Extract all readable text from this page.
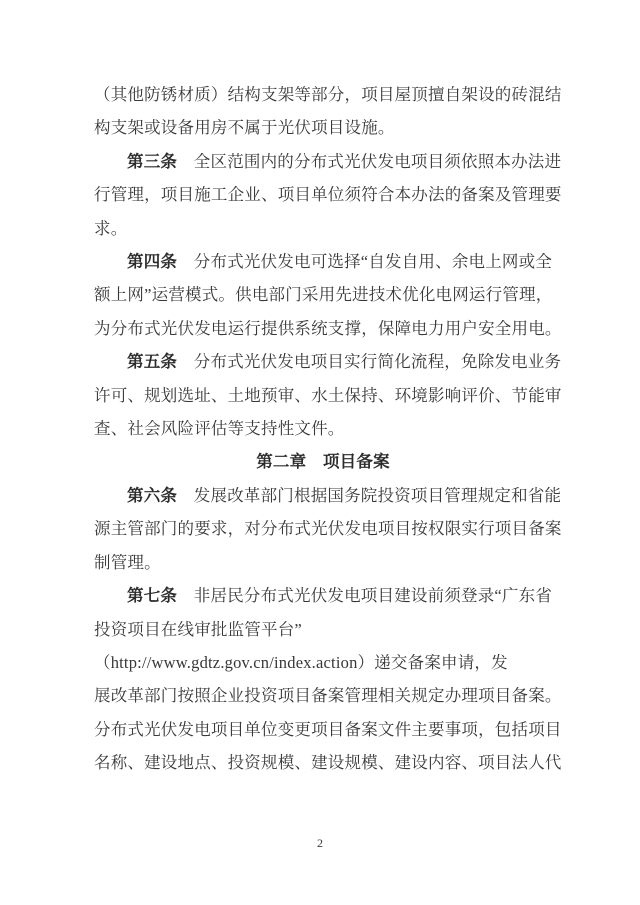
（其他防锈材质）结构支架等部分，项目屋顶擅自架设的砖混结
构支架或设备用房不属于光伏项目设施。
第三条　全区范围内的分布式光伏发电项目须依照本办法进
行管理，项目施工企业、项目单位须符合本办法的备案及管理要
求。
第四条　分布式光伏发电可选择“自发自用、余电上网或全
额上网”运营模式。供电部门采用先进技术优化电网运行管理，
为分布式光伏发电运行提供系统支撑，保障电力用户安全用电。
第五条　分布式光伏发电项目实行简化流程，免除发电业务
许可、规划选址、土地预审、水土保持、环境影响评价、节能审
查、社会风险评估等支持性文件。
第二章　项目备案
第六条　发展改革部门根据国务院投资项目管理规定和省能
源主管部门的要求，对分布式光伏发电项目按权限实行项目备案
制管理。
第七条　非居民分布式光伏发电项目建设前须登录“广东省
投资项目在线审批监管平台”
（http://www.gdtz.gov.cn/index.action）递交备案申请，发
展改革部门按照企业投资项目备案管理相关规定办理项目备案。
分布式光伏发电项目单位变更项目备案文件主要事项，包括项目
名称、建设地点、投资规模、建设规模、建设内容、项目法人代
2
